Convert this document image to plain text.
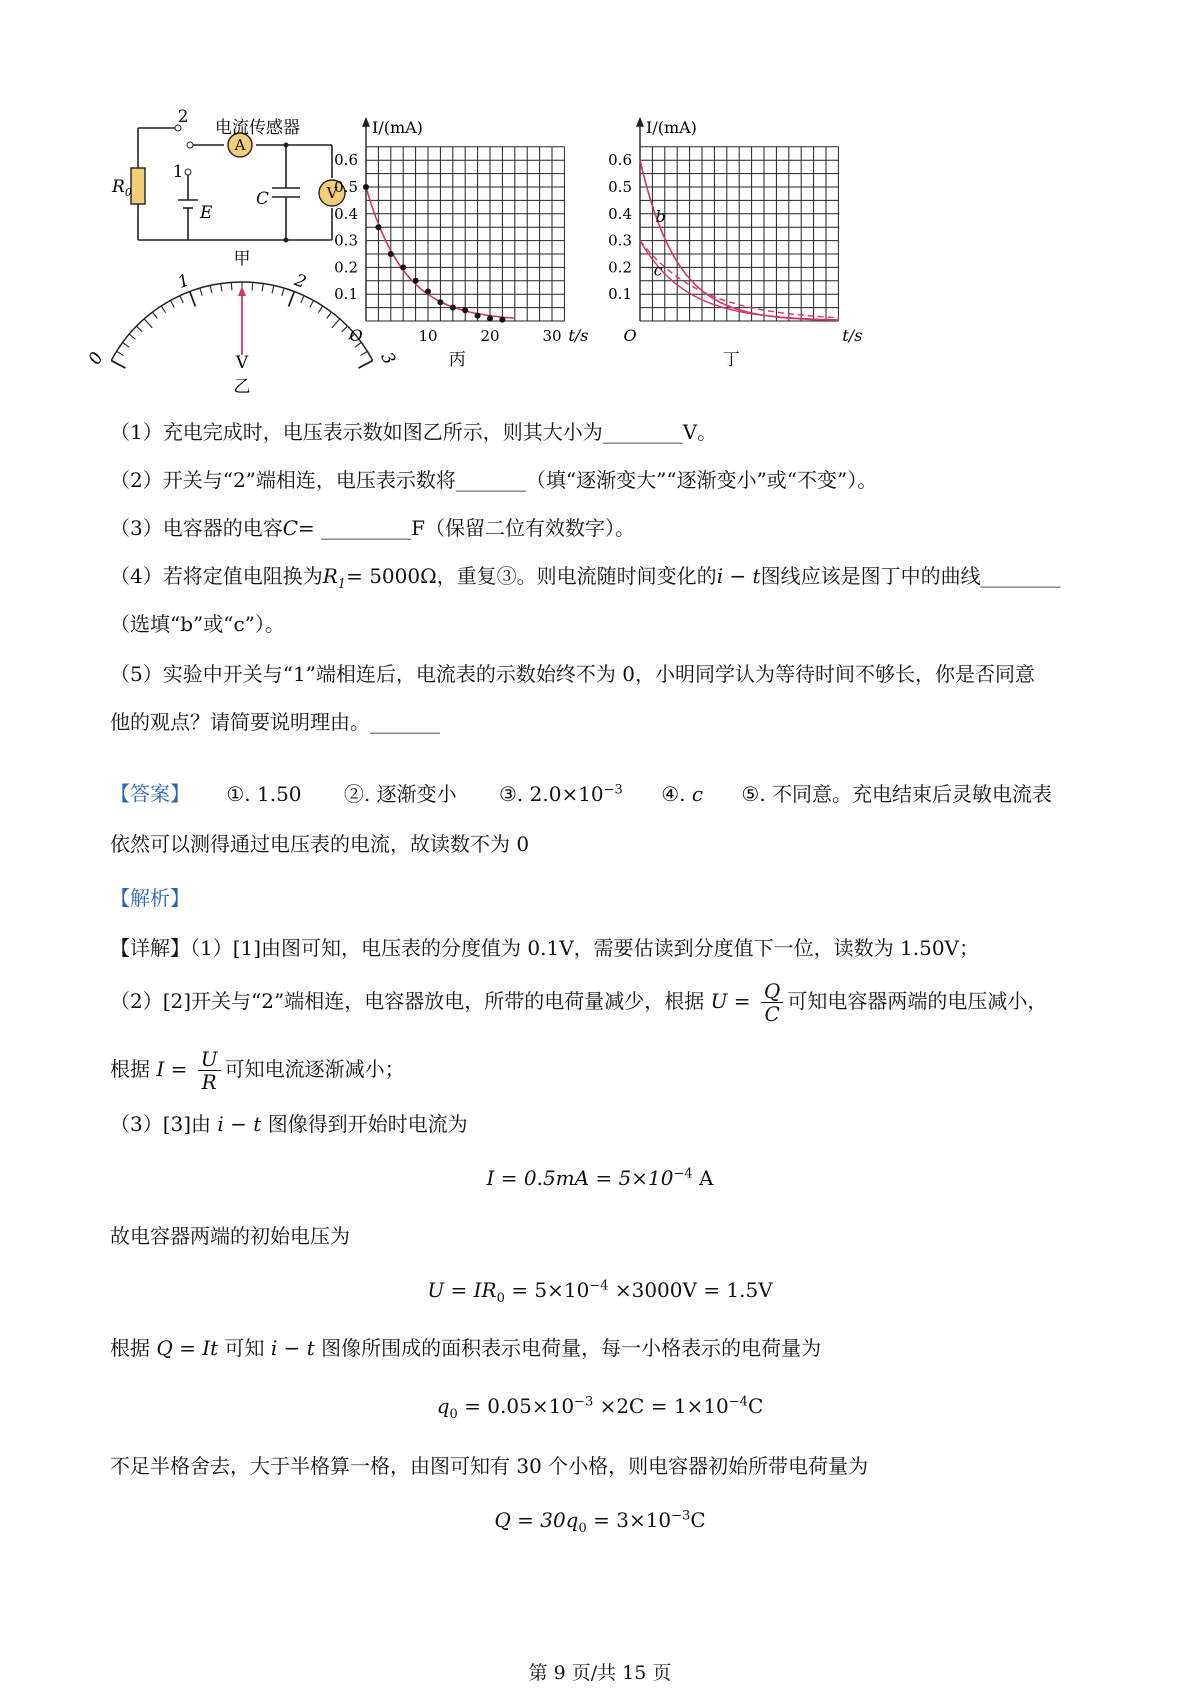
A
V
电流传感器
2
1
$R_0$
E
C
甲
0
1	2
3
V
乙
I/(mA)
0.1
0.2
0.3
0.4
0.5
0.6
O	10	20	30 t/s
丙
I/(mA)
0.1
0.2
0.3
0.4
0.5
0.6
O	t/s
丁
b
c
（1）充电完成时，电压表示数如图乙所示，则其大小为________V。
（2）开关与“2”端相连，电压表示数将_______（填“逐渐变大”“逐渐变小”或“不变”）。
（3）电容器的电容C= _________F（保留二位有效数字）。
（4）若将定值电阻换为$R_1= 5000\Omega$，重复③。则电流随时间变化的i − t图线应该是图丁中的曲线________
（选填“b”或“c”）。
（5）实验中开关与“1”端相连后，电流表的示数始终不为 0，小明同学认为等待时间不够长，你是否同意
他的观点？请简要说明理由。_______
【答案】 ①. 1.50 ②. 逐渐变小 ③. $2.0\times 10^{-3}$ ④. c ⑤. 不同意。充电结束后灵敏电流表
依然可以测得通过电压表的电流，故读数不为 0
【解析】
【详解】（1）[1]由图可知，电压表的分度值为 0.1V，需要估读到分度值下一位，读数为 1.50V；
（2）[2]开关与“2”端相连，电容器放电，所带的电荷量减少，根据 $U = \frac{Q}{C}$ 可知电容器两端的电压减小，
根据 $I = \frac{U}{R}$ 可知电流逐渐减小；
（3）[3]由 i − t 图像得到开始时电流为
$I = 0.5mA = 5\times 10^{-4}$ A
故电容器两端的初始电压为
$U = IR_0 = 5\times 10^{-4} \times 3000V = 1.5V$
根据 Q = It 可知 i − t 图像所围成的面积表示电荷量，每一小格表示的电荷量为
$q_0 = 0.05\times 10^{-3} \times 2C = 1\times 10^{-4}C$
不足半格舍去，大于半格算一格，由图可知有 30 个小格，则电容器初始所带电荷量为
$Q = 30q_0 = 3\times 10^{-3}C$
第 9 页/共 15 页
